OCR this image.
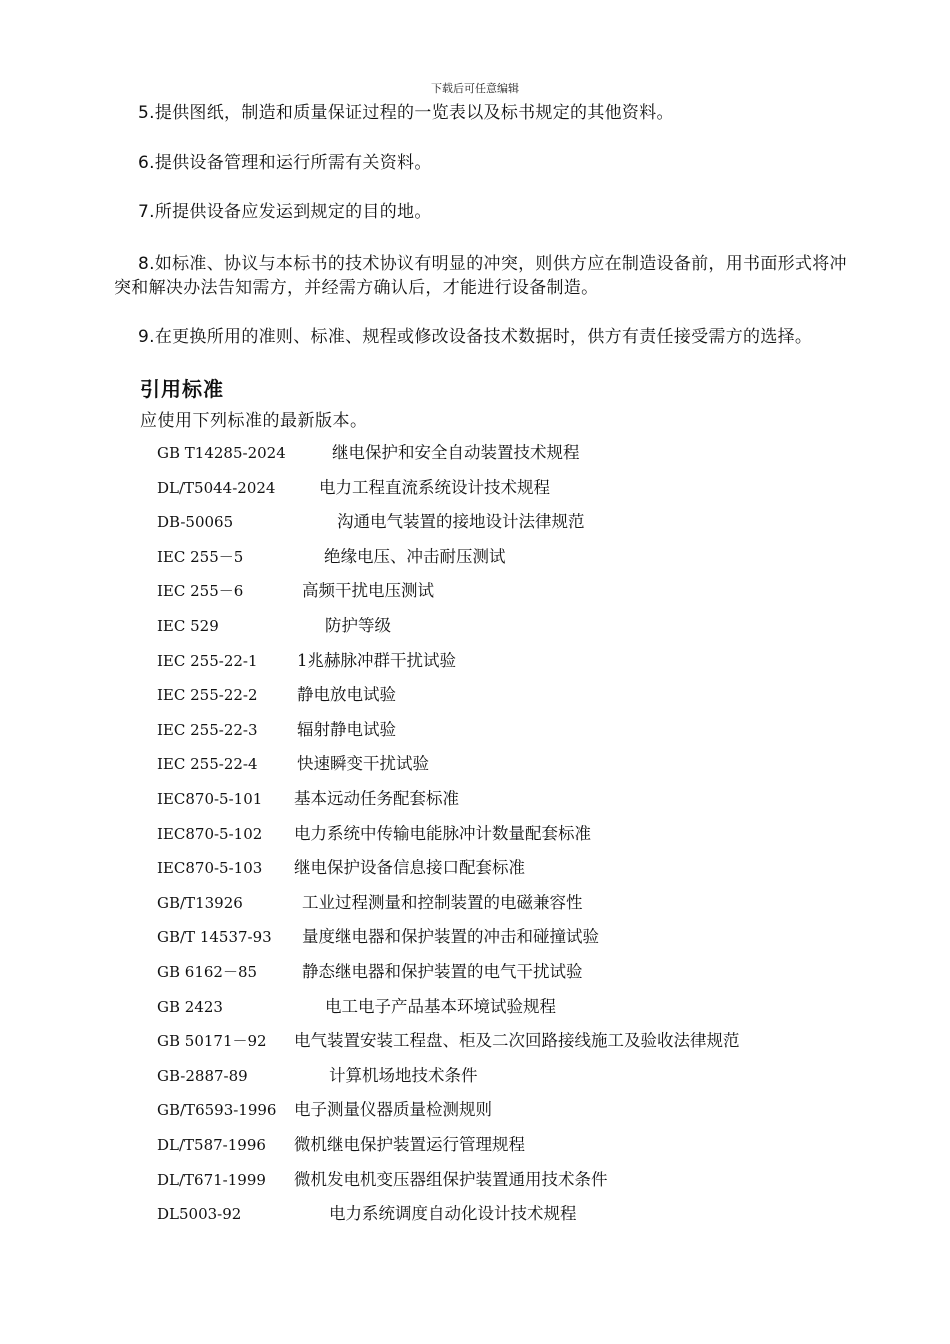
下载后可任意编辑

5.提供图纸，制造和质量保证过程的一览表以及标书规定的其他资料。

6.提供设备管理和运行所需有关资料。

7.所提供设备应发运到规定的目的地。

8.如标准、协议与本标书的技术协议有明显的冲突，则供方应在制造设备前，用书面形式将冲突和解决办法告知需方，并经需方确认后，才能进行设备制造。

9.在更换所用的准则、标准、规程或修改设备技术数据时，供方有责任接受需方的选择。

引用标准

应使用下列标准的最新版本。

GB T14285-2024	继电保护和安全自动装置技术规程
DL/T5044-2024	电力工程直流系统设计技术规程
DB-50065	沟通电气装置的接地设计法律规范
IEC 255－5	绝缘电压、冲击耐压测试
IEC 255－6	高频干扰电压测试
IEC 529	防护等级
IEC 255-22-1 1兆赫脉冲群干扰试验
IEC 255-22-2 静电放电试验
IEC 255-22-3 辐射静电试验
IEC 255-22-4 快速瞬变干扰试验
IEC870-5-101 基本远动任务配套标准
IEC870-5-102 电力系统中传输电能脉冲计数量配套标准
IEC870-5-103 继电保护设备信息接口配套标准
GB/T13926	工业过程测量和控制装置的电磁兼容性
GB/T 14537-93 量度继电器和保护装置的冲击和碰撞试验
GB 6162－85	静态继电器和保护装置的电气干扰试验
GB 2423	电工电子产品基本环境试验规程
GB 50171－92 电气装置安装工程盘、柜及二次回路接线施工及验收法律规范
GB-2887-89	计算机场地技术条件
GB/T6593-1996 电子测量仪器质量检测规则
DL/T587-1996 微机继电保护装置运行管理规程
DL/T671-1999 微机发电机变压器组保护装置通用技术条件
DL5003-92	电力系统调度自动化设计技术规程
